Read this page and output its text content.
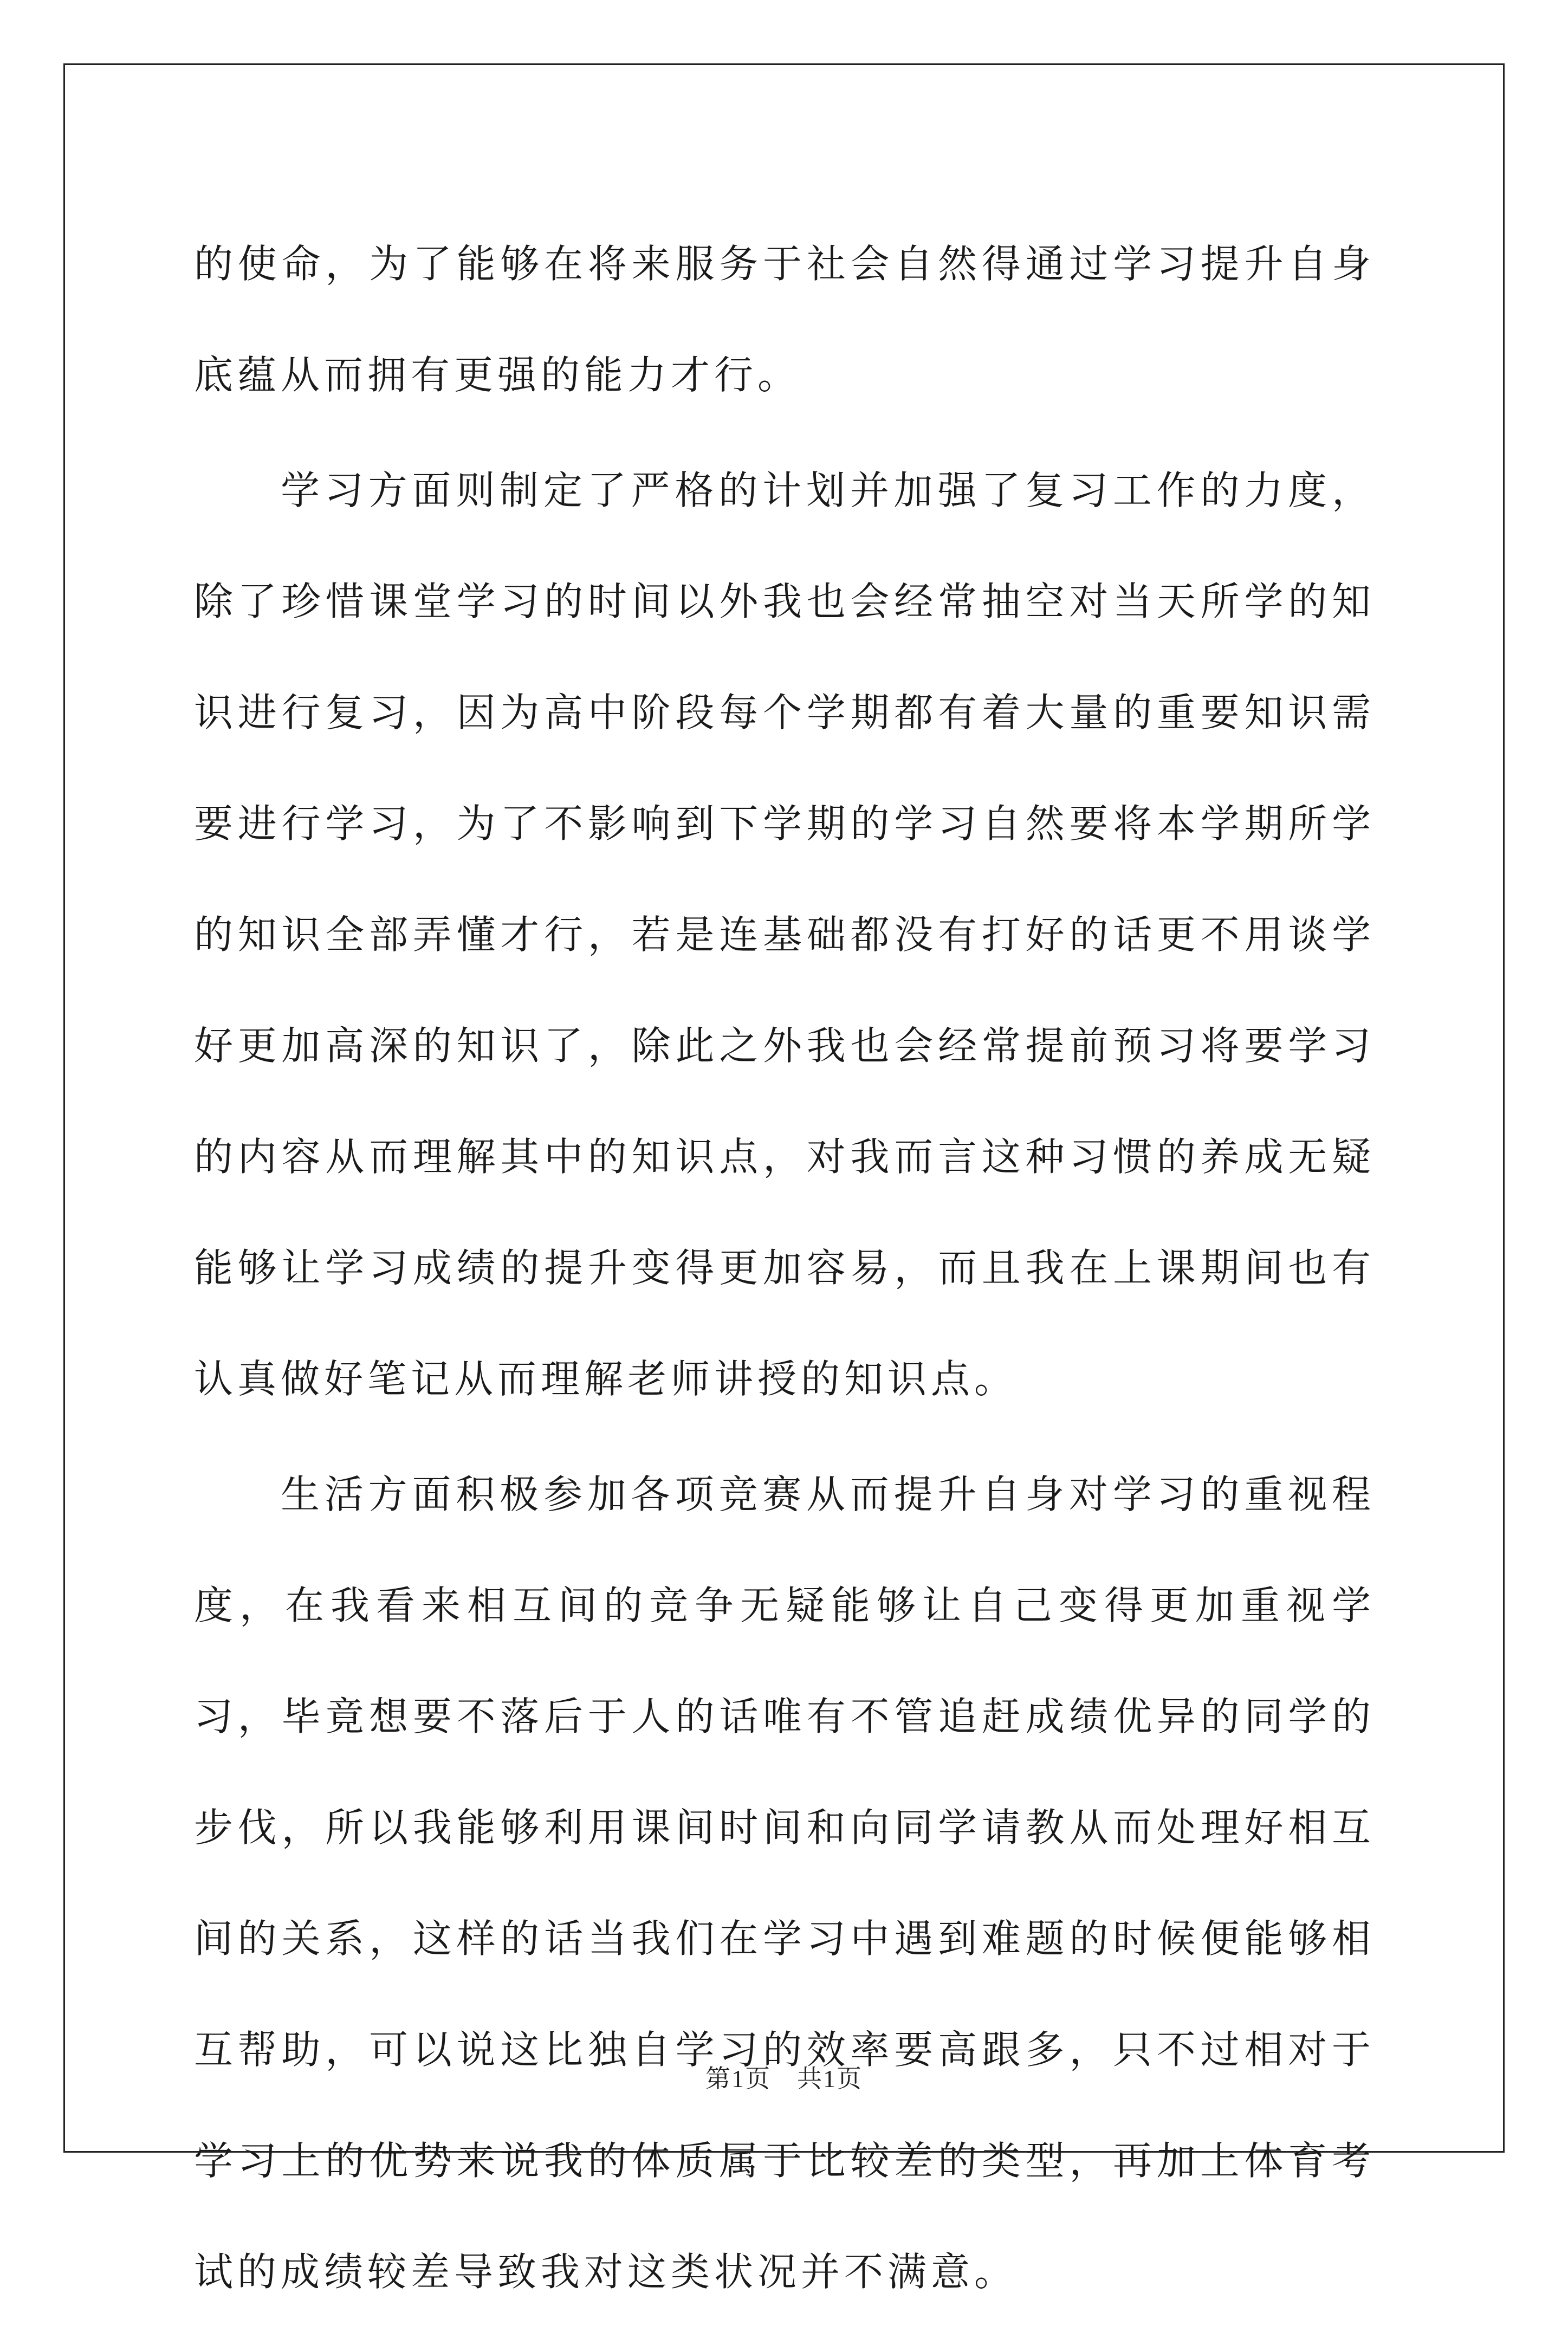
的使命，为了能够在将来服务于社会自然得通过学习提升自身底蕴从而拥有更强的能力才行。

学习方面则制定了严格的计划并加强了复习工作的力度，除了珍惜课堂学习的时间以外我也会经常抽空对当天所学的知识进行复习，因为高中阶段每个学期都有着大量的重要知识需要进行学习，为了不影响到下学期的学习自然要将本学期所学的知识全部弄懂才行，若是连基础都没有打好的话更不用谈学好更加高深的知识了，除此之外我也会经常提前预习将要学习的内容从而理解其中的知识点，对我而言这种习惯的养成无疑能够让学习成绩的提升变得更加容易，而且我在上课期间也有认真做好笔记从而理解老师讲授的知识点。

生活方面积极参加各项竞赛从而提升自身对学习的重视程度，在我看来相互间的竞争无疑能够让自己变得更加重视学习，毕竟想要不落后于人的话唯有不管追赶成绩优异的同学的步伐，所以我能够利用课间时间和向同学请教从而处理好相互间的关系，这样的话当我们在学习中遇到难题的时候便能够相互帮助，可以说这比独自学习的效率要高跟多，只不过相对于学习上的优势来说我的体质属于比较差的类型，再加上体育考试的成绩较差导致我对这类状况并不满意。

第1页　共1页
